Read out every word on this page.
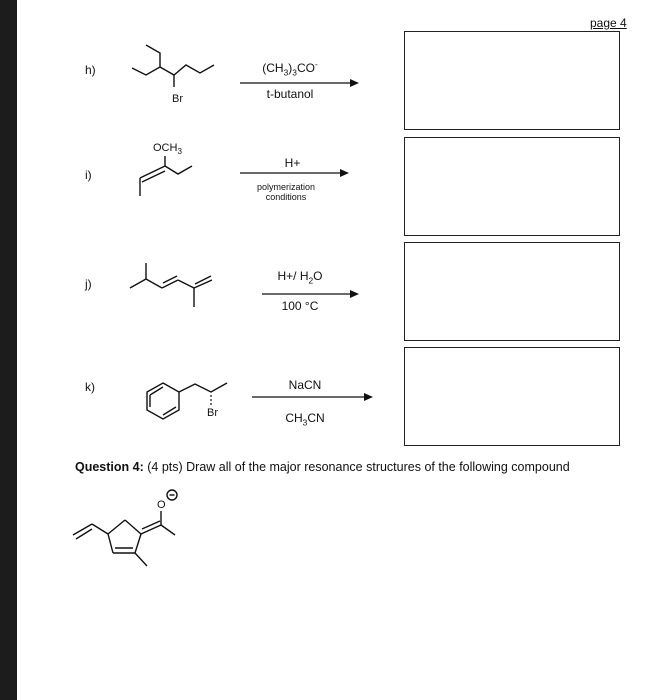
page 4
h)
Br
$(CH_3)_3CO^-$
t-butanol
i)
$OCH_3$
H+
polymerization
conditions
j)
H+/ $H_2O$
100 °C
k)
Br
NaCN
$CH_3CN$
Question 4: (4 pts) Draw all of the major resonance structures of the following compound
O
